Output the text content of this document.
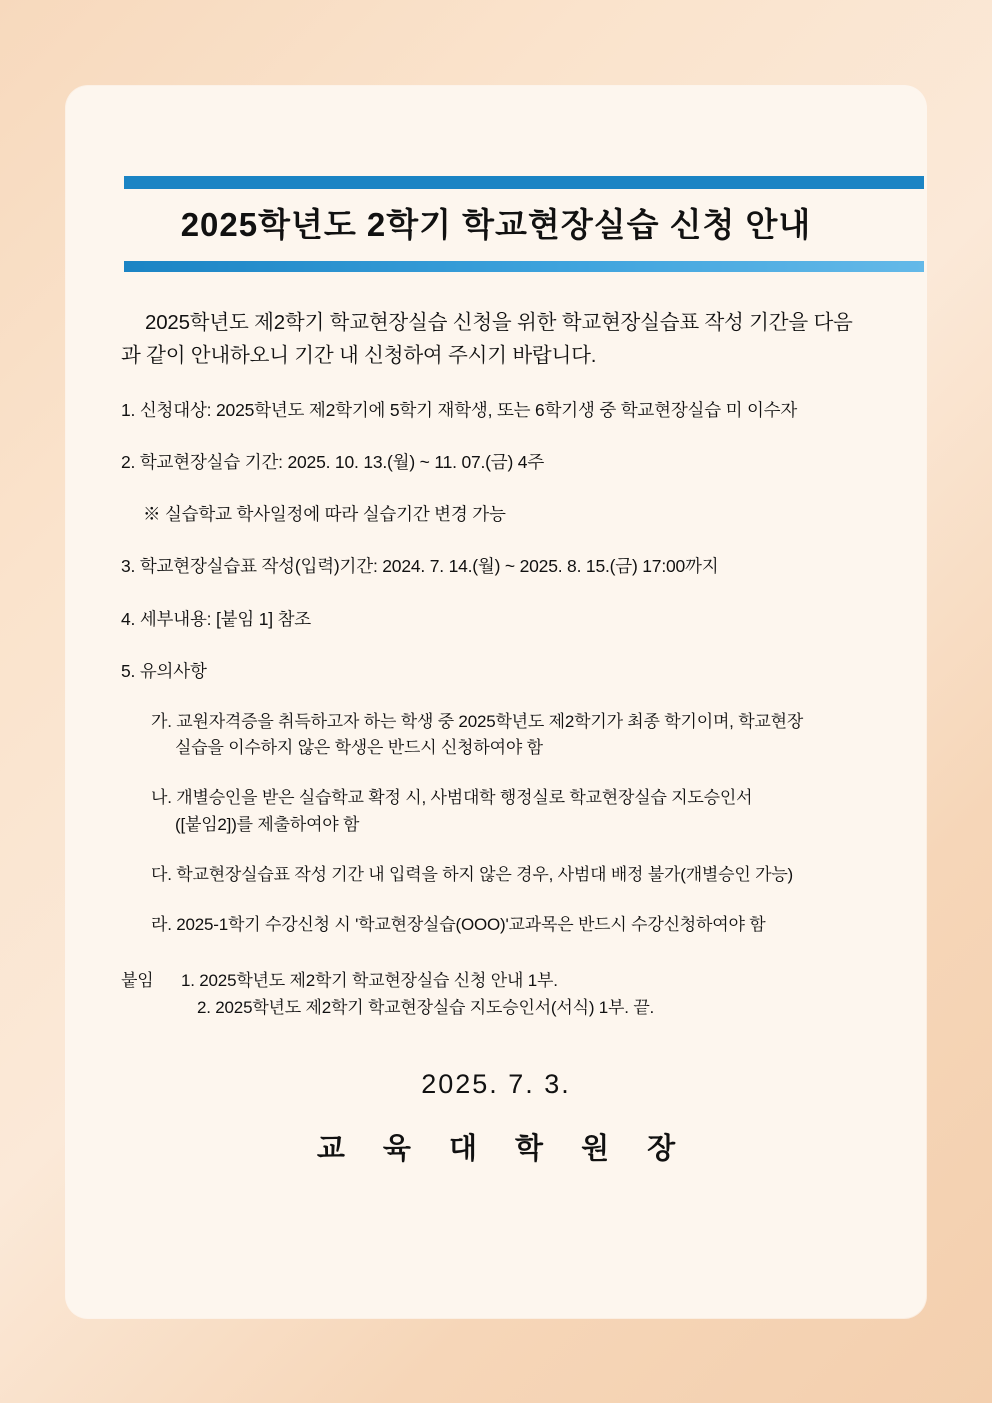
2025학년도 2학기 학교현장실습 신청 안내

2025학년도 제2학기 학교현장실습 신청을 위한 학교현장실습표 작성 기간을 다음과 같이 안내하오니 기간 내 신청하여 주시기 바랍니다.

1. 신청대상: 2025학년도 제2학기에 5학기 재학생, 또는 6학기생 중 학교현장실습 미 이수자

2. 학교현장실습 기간: 2025. 10. 13.(월) ~ 11. 07.(금) 4주

※ 실습학교 학사일정에 따라 실습기간 변경 가능

3. 학교현장실습표 작성(입력)기간: 2024. 7. 14.(월) ~ 2025. 8. 15.(금) 17:00까지

4. 세부내용: [붙임 1] 참조

5. 유의사항

가. 교원자격증을 취득하고자 하는 학생 중 2025학년도 제2학기가 최종 학기이며, 학교현장
실습을 이수하지 않은 학생은 반드시 신청하여야 함

나. 개별승인을 받은 실습학교 확정 시, 사범대학 행정실로 학교현장실습 지도승인서
([붙임2])를 제출하여야 함

다. 학교현장실습표 작성 기간 내 입력을 하지 않은 경우, 사범대 배정 불가(개별승인 가능)

라. 2025-1학기 수강신청 시 '학교현장실습(OOO)'교과목은 반드시 수강신청하여야 함

붙임 1. 2025학년도 제2학기 학교현장실습 신청 안내 1부.
2. 2025학년도 제2학기 학교현장실습 지도승인서(서식) 1부. 끝.

2025. 7. 3.
교 육 대 학 원 장
